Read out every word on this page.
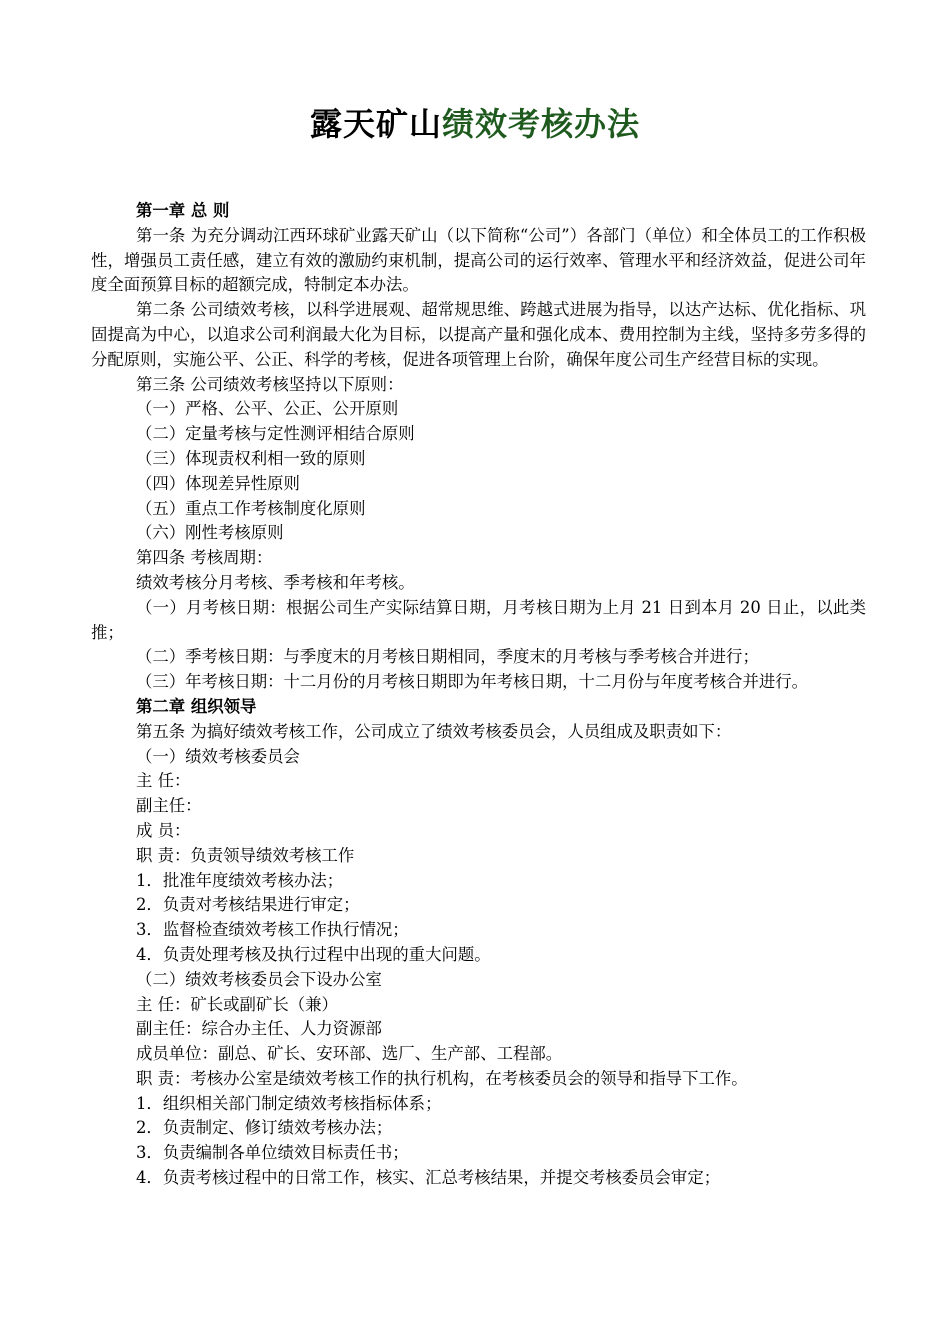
露天矿山绩效考核办法
第一章 总 则
第一条 为充分调动江西环球矿业露天矿山（以下简称“公司”）各部门（单位）和全体员工的工作积极性，增强员工责任感，建立有效的激励约束机制，提高公司的运行效率、管理水平和经济效益，促进公司年度全面预算目标的超额完成，特制定本办法。
第二条 公司绩效考核，以科学进展观、超常规思维、跨越式进展为指导，以达产达标、优化指标、巩固提高为中心，以追求公司利润最大化为目标，以提高产量和强化成本、费用控制为主线，坚持多劳多得的分配原则，实施公平、公正、科学的考核，促进各项管理上台阶，确保年度公司生产经营目标的实现。
第三条 公司绩效考核坚持以下原则：
（一）严格、公平、公正、公开原则
（二）定量考核与定性测评相结合原则
（三）体现责权利相一致的原则
（四）体现差异性原则
（五）重点工作考核制度化原则
（六）刚性考核原则
第四条 考核周期：
绩效考核分月考核、季考核和年考核。
（一）月考核日期：根据公司生产实际结算日期，月考核日期为上月 21 日到本月 20 日止，以此类推；
（二）季考核日期：与季度末的月考核日期相同，季度末的月考核与季考核合并进行；
（三）年考核日期：十二月份的月考核日期即为年考核日期，十二月份与年度考核合并进行。
第二章 组织领导
第五条 为搞好绩效考核工作，公司成立了绩效考核委员会，人员组成及职责如下：
（一）绩效考核委员会
主 任：
副主任：
成 员：
职 责：负责领导绩效考核工作
1．批准年度绩效考核办法；
2．负责对考核结果进行审定；
3．监督检查绩效考核工作执行情况；
4．负责处理考核及执行过程中出现的重大问题。
（二）绩效考核委员会下设办公室
主 任：矿长或副矿长（兼）
副主任：综合办主任、人力资源部
成员单位：副总、矿长、安环部、选厂、生产部、工程部。
职 责：考核办公室是绩效考核工作的执行机构，在考核委员会的领导和指导下工作。
1．组织相关部门制定绩效考核指标体系；
2．负责制定、修订绩效考核办法；
3．负责编制各单位绩效目标责任书；
4．负责考核过程中的日常工作，核实、汇总考核结果，并提交考核委员会审定；
